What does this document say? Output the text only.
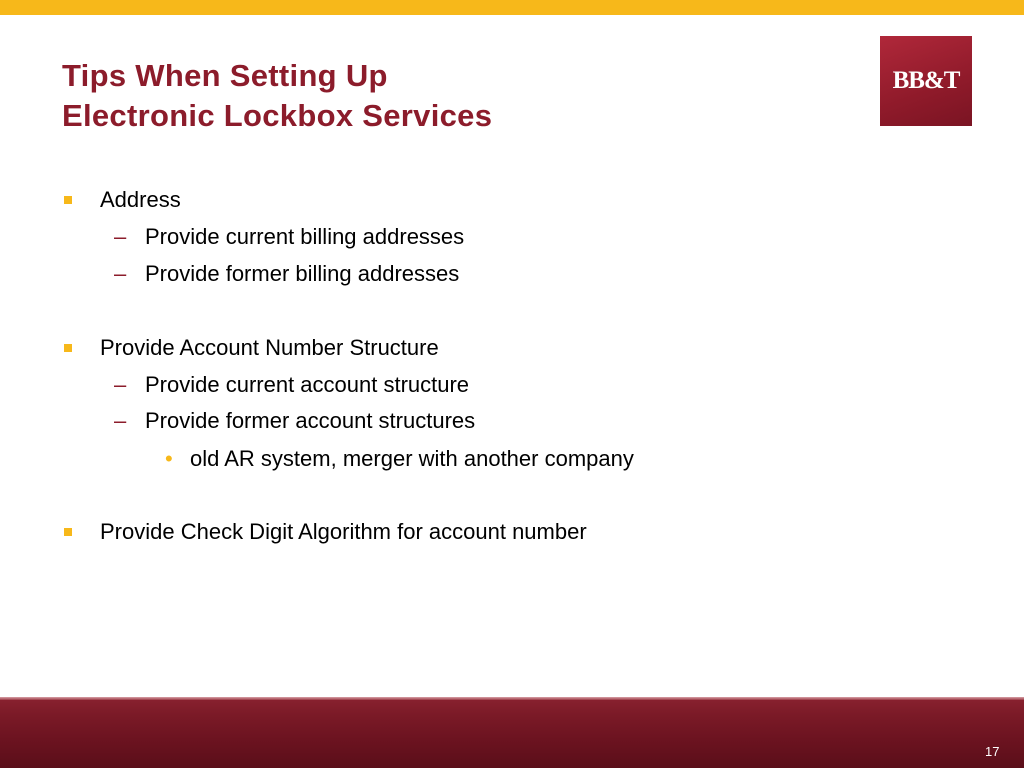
Tips When Setting Up
Electronic Lockbox Services
BB&T
Address
– Provide current billing addresses
– Provide former billing addresses
Provide Account Number Structure
– Provide current account structure
– Provide former account structures
• old AR system, merger with another company
Provide Check Digit Algorithm for account number
17
